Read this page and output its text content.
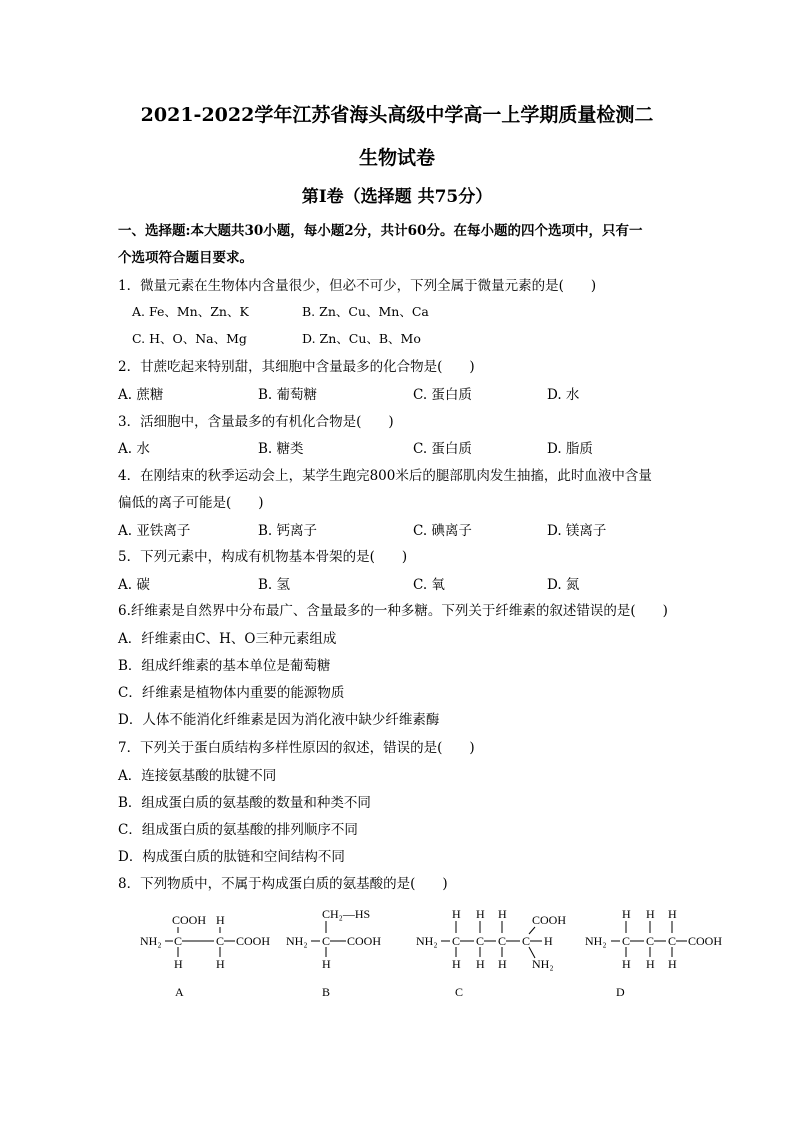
2021-2022学年江苏省海头高级中学高一上学期质量检测二
生物试卷
第I卷（选择题 共75分）
一、选择题:本大题共30小题，每小题2分，共计60分。在每小题的四个选项中，只有一
个选项符合题目要求。
1．微量元素在生物体内含量很少，但必不可少，下列全属于微量元素的是(　　)
A. Fe、Mn、Zn、K	B. Zn、Cu、Mn、Ca
C. H、O、Na、Mg	D. Zn、Cu、B、Mo
2．甘蔗吃起来特别甜，其细胞中含量最多的化合物是(　　)
A. 蔗糖	B. 葡萄糖	C. 蛋白质	D. 水
3．活细胞中，含量最多的有机化合物是(　　)
A. 水	B. 糖类	C. 蛋白质	D. 脂质
4．在刚结束的秋季运动会上，某学生跑完800米后的腿部肌肉发生抽搐，此时血液中含量
偏低的离子可能是(　　)
A. 亚铁离子	B. 钙离子	C. 碘离子	D. 镁离子
5．下列元素中，构成有机物基本骨架的是(　　)
A. 碳	B. 氢	C. 氧	D. 氮
6.纤维素是自然界中分布最广、含量最多的一种多糖。下列关于纤维素的叙述错误的是(　　)
A．纤维素由C、H、O三种元素组成
B．组成纤维素的基本单位是葡萄糖
C．纤维素是植物体内重要的能源物质
D．人体不能消化纤维素是因为消化液中缺少纤维素酶
7．下列关于蛋白质结构多样性原因的叙述，错误的是(　　)
A．连接氨基酸的肽键不同
B．组成蛋白质的氨基酸的数量和种类不同
C．组成蛋白质的氨基酸的排列顺序不同
D．构成蛋白质的肽链和空间结构不同
8．下列物质中，不属于构成蛋白质的氨基酸的是(　　)
COOH H
NH₂ C	C COOH
H	H
CH₂—HS
NH₂ C COOH
H
H H H COOH
NH₂ C C C C H
H H H NH₂
H H H
NH₂ C C C COOH
H H H
A	B	C	D
